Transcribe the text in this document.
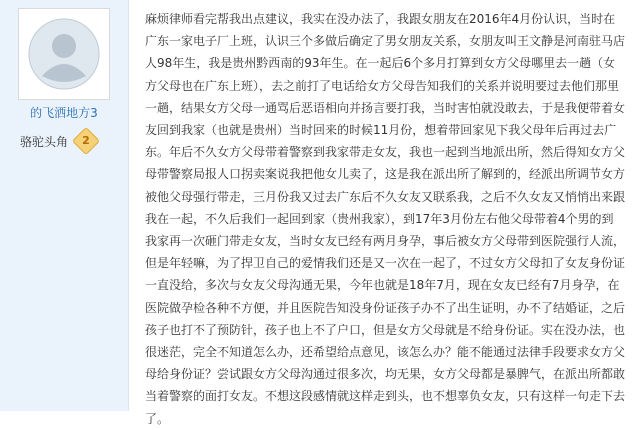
的飞洒地方3
骆驼头角	2
麻烦律师看完帮我出点建议，我实在没办法了，我跟女朋友在2016年4月份认识，当时在广东一家电子厂上班，认识三个多做后确定了男女朋友关系，女朋友叫王文静是河南驻马店人98年生，我是贵州黔西南的93年生。在一起后6个多月打算到女方父母哪里去一趟（女方父母也在广东上班），去之前打了电话给女方父母告知我们的关系并说明要过去他们那里一趟，结果女方父母一通骂后恶语相向并扬言要打我，当时害怕就没敢去，于是我便带着女友回到我家（也就是贵州）当时回来的时候11月份，想着带回家见下我父母年后再过去广东。年后不久女方父母带着警察到我家带走女友，我也一起到当地派出所，然后得知女方父母带警察局报人口拐卖案说我把他女儿卖了，这是我在派出所了解到的，经派出所调节女方被他父母强行带走，三月份我又过去广东后不久女友又联系我，之后不久女友又悄悄出来跟我在一起，不久后我们一起回到家（贵州我家），到17年3月份左右他父母带着4个男的到我家再一次砸门带走女友，当时女友已经有两月身孕，事后被女方父母带到医院强行人流，但是年轻嘛，为了捍卫自己的爱情我们还是又一次在一起了，不过女方父母扣了女友身份证一直没给，多次与女友父母沟通无果，今年也就是18年7月，现在女友已经有7月身孕，在医院做孕检各种不方便，并且医院告知没身份证孩子办不了出生证明，办不了结婚证，之后孩子也打不了预防针，孩子也上不了户口，但是女方父母就是不给身份证。实在没办法，也很迷茫，完全不知道怎么办，还希望给点意见，该怎么办？能不能通过法律手段要求女方父母给身份证？尝试跟女方父母沟通过很多次，均无果，女方父母都是暴脾气，在派出所都敢当着警察的面打女友。不想这段感情就这样走到头，也不想辜负女友，只有这样一句走下去了。
